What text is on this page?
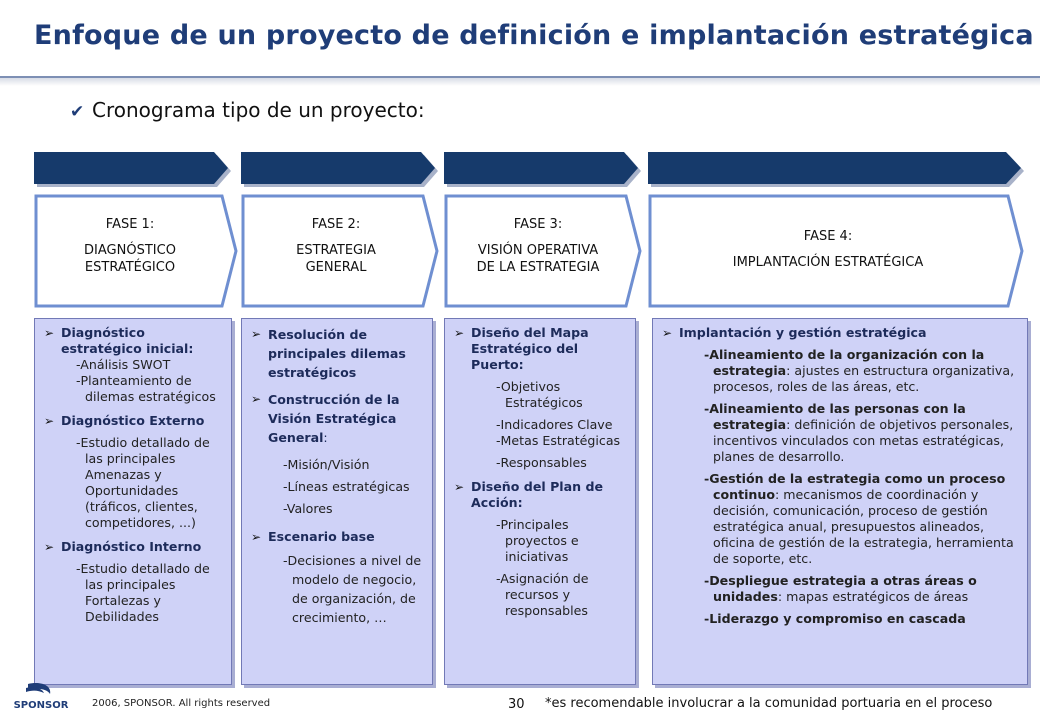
Enfoque de un proyecto de definición e implantación estratégica
✔ Cronograma tipo de un proyecto:
FASE 1:
DIAGNÓSTICO
ESTRATÉGICO
FASE 2:
ESTRATEGIA
GENERAL
FASE 3:
VISIÓN OPERATIVA
DE LA ESTRATEGIA
FASE 4:
IMPLANTACIÓN ESTRATÉGICA
➢ Diagnóstico estratégico inicial:
-Análisis SWOT
-Planteamiento de dilemas estratégicos
➢ Diagnóstico Externo
-Estudio detallado de las principales Amenazas y Oportunidades (tráficos, clientes, competidores, ...)
➢ Diagnóstico Interno
-Estudio detallado de las principales Fortalezas y Debilidades
➢ Resolución de principales dilemas estratégicos
➢ Construcción de la Visión Estratégica General:
-Misión/Visión
-Líneas estratégicas
-Valores
➢ Escenario base
-Decisiones a nivel de modelo de negocio, de organización, de crecimiento, …
➢ Diseño del Mapa Estratégico del Puerto:
-Objetivos Estratégicos
-Indicadores Clave
-Metas Estratégicas
-Responsables
➢ Diseño del Plan de Acción:
-Principales proyectos e iniciativas
-Asignación de recursos y responsables
➢ Implantación y gestión estratégica
-Alineamiento de la organización con la estrategia: ajustes en estructura organizativa, procesos, roles de las áreas, etc.
-Alineamiento de las personas con la estrategia: definición de objetivos personales, incentivos vinculados con metas estratégicas, planes de desarrollo.
-Gestión de la estrategia como un proceso continuo: mecanismos de coordinación y decisión, comunicación, proceso de gestión estratégica anual, presupuestos alineados, oficina de gestión de la estrategia, herramienta de soporte, etc.
-Despliegue estrategia a otras áreas o unidades: mapas estratégicos de áreas
-Liderazgo y compromiso en cascada
SPONSOR 2006, SPONSOR. All rights reserved	30 *es recomendable involucrar a la comunidad portuaria en el proceso
